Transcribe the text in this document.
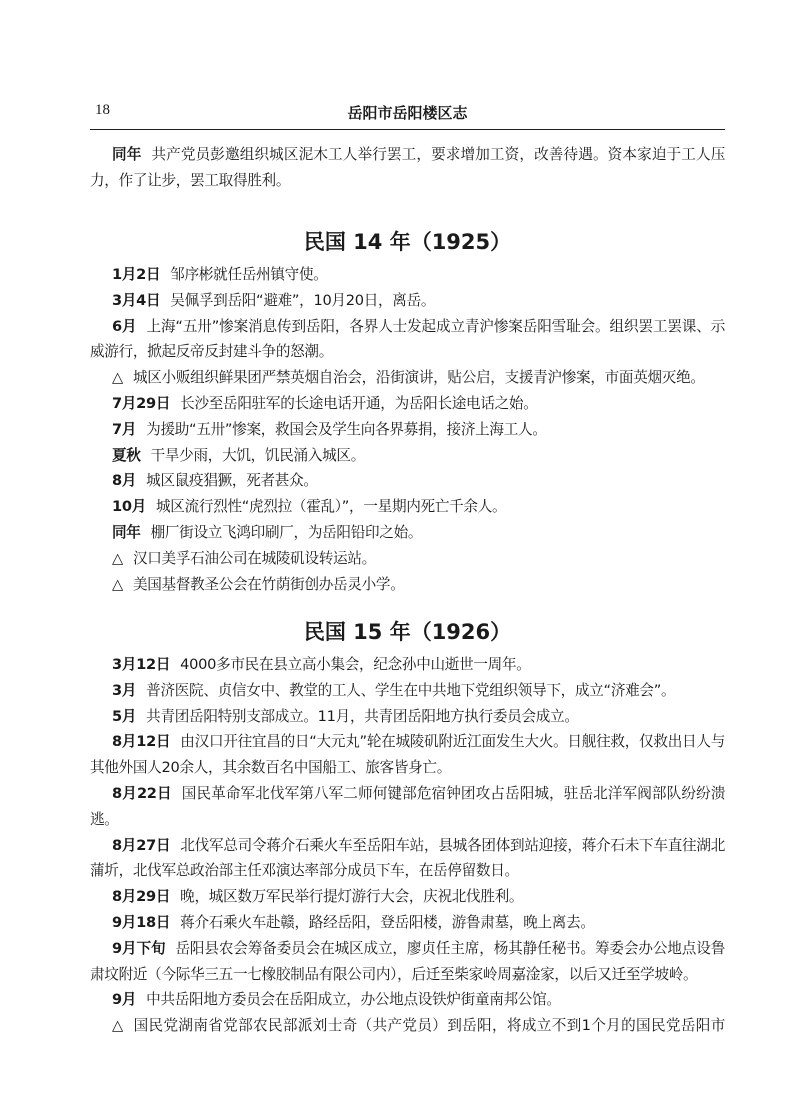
18	岳阳市岳阳楼区志

同年 共产党员彭邀组织城区泥木工人举行罢工，要求增加工资，改善待遇。资本家迫于工人压力，作了让步，罢工取得胜利。

民国 14 年（1925）

1月2日 邹序彬就任岳州镇守使。

3月4日 吴佩孚到岳阳“避难”，10月20日，离岳。

6月 上海“五卅”惨案消息传到岳阳，各界人士发起成立青沪惨案岳阳雪耻会。组织罢工罢课、示威游行，掀起反帝反封建斗争的怒潮。

△ 城区小贩组织鲜果团严禁英烟自治会，沿街演讲，贴公启，支援青沪惨案，市面英烟灭绝。

7月29日 长沙至岳阳驻军的长途电话开通，为岳阳长途电话之始。

7月 为援助“五卅”惨案，救国会及学生向各界募捐，接济上海工人。

夏秋 干旱少雨，大饥，饥民涌入城区。

8月 城区鼠疫猖獗，死者甚众。

10月 城区流行烈性“虎烈拉（霍乱）”，一星期内死亡千余人。

同年 棚厂街设立飞鸿印刷厂，为岳阳铅印之始。

△ 汉口美孚石油公司在城陵矶设转运站。

△ 美国基督教圣公会在竹荫街创办岳灵小学。

民国 15 年（1926）

3月12日 4000多市民在县立高小集会，纪念孙中山逝世一周年。

3月 普济医院、贞信女中、教堂的工人、学生在中共地下党组织领导下，成立“济难会”。

5月 共青团岳阳特别支部成立。11月，共青团岳阳地方执行委员会成立。

8月12日 由汉口开往宜昌的日“大元丸”轮在城陵矶附近江面发生大火。日舰往救，仅救出日人与其他外国人20余人，其余数百名中国船工、旅客皆身亡。

8月22日 国民革命军北伐军第八军二师何键部危宿钟团攻占岳阳城，驻岳北洋军阀部队纷纷溃逃。

8月27日 北伐军总司令蒋介石乘火车至岳阳车站，县城各团体到站迎接，蒋介石未下车直往湖北蒲圻，北伐军总政治部主任邓演达率部分成员下车，在岳停留数日。

8月29日 晚，城区数万军民举行提灯游行大会，庆祝北伐胜利。

9月18日 蒋介石乘火车赴赣，路经岳阳，登岳阳楼，游鲁肃墓，晚上离去。

9月下旬 岳阳县农会筹备委员会在城区成立，廖贞任主席，杨其静任秘书。筹委会办公地点设鲁肃坟附近（今际华三五一七橡胶制品有限公司内），后迁至柴家岭周嘉淦家，以后又迁至学坡岭。

9月 中共岳阳地方委员会在岳阳成立，办公地点设铁炉街童南邦公馆。

△ 国民党湖南省党部农民部派刘士奇（共产党员）到岳阳，将成立不到1个月的国民党岳阳市
